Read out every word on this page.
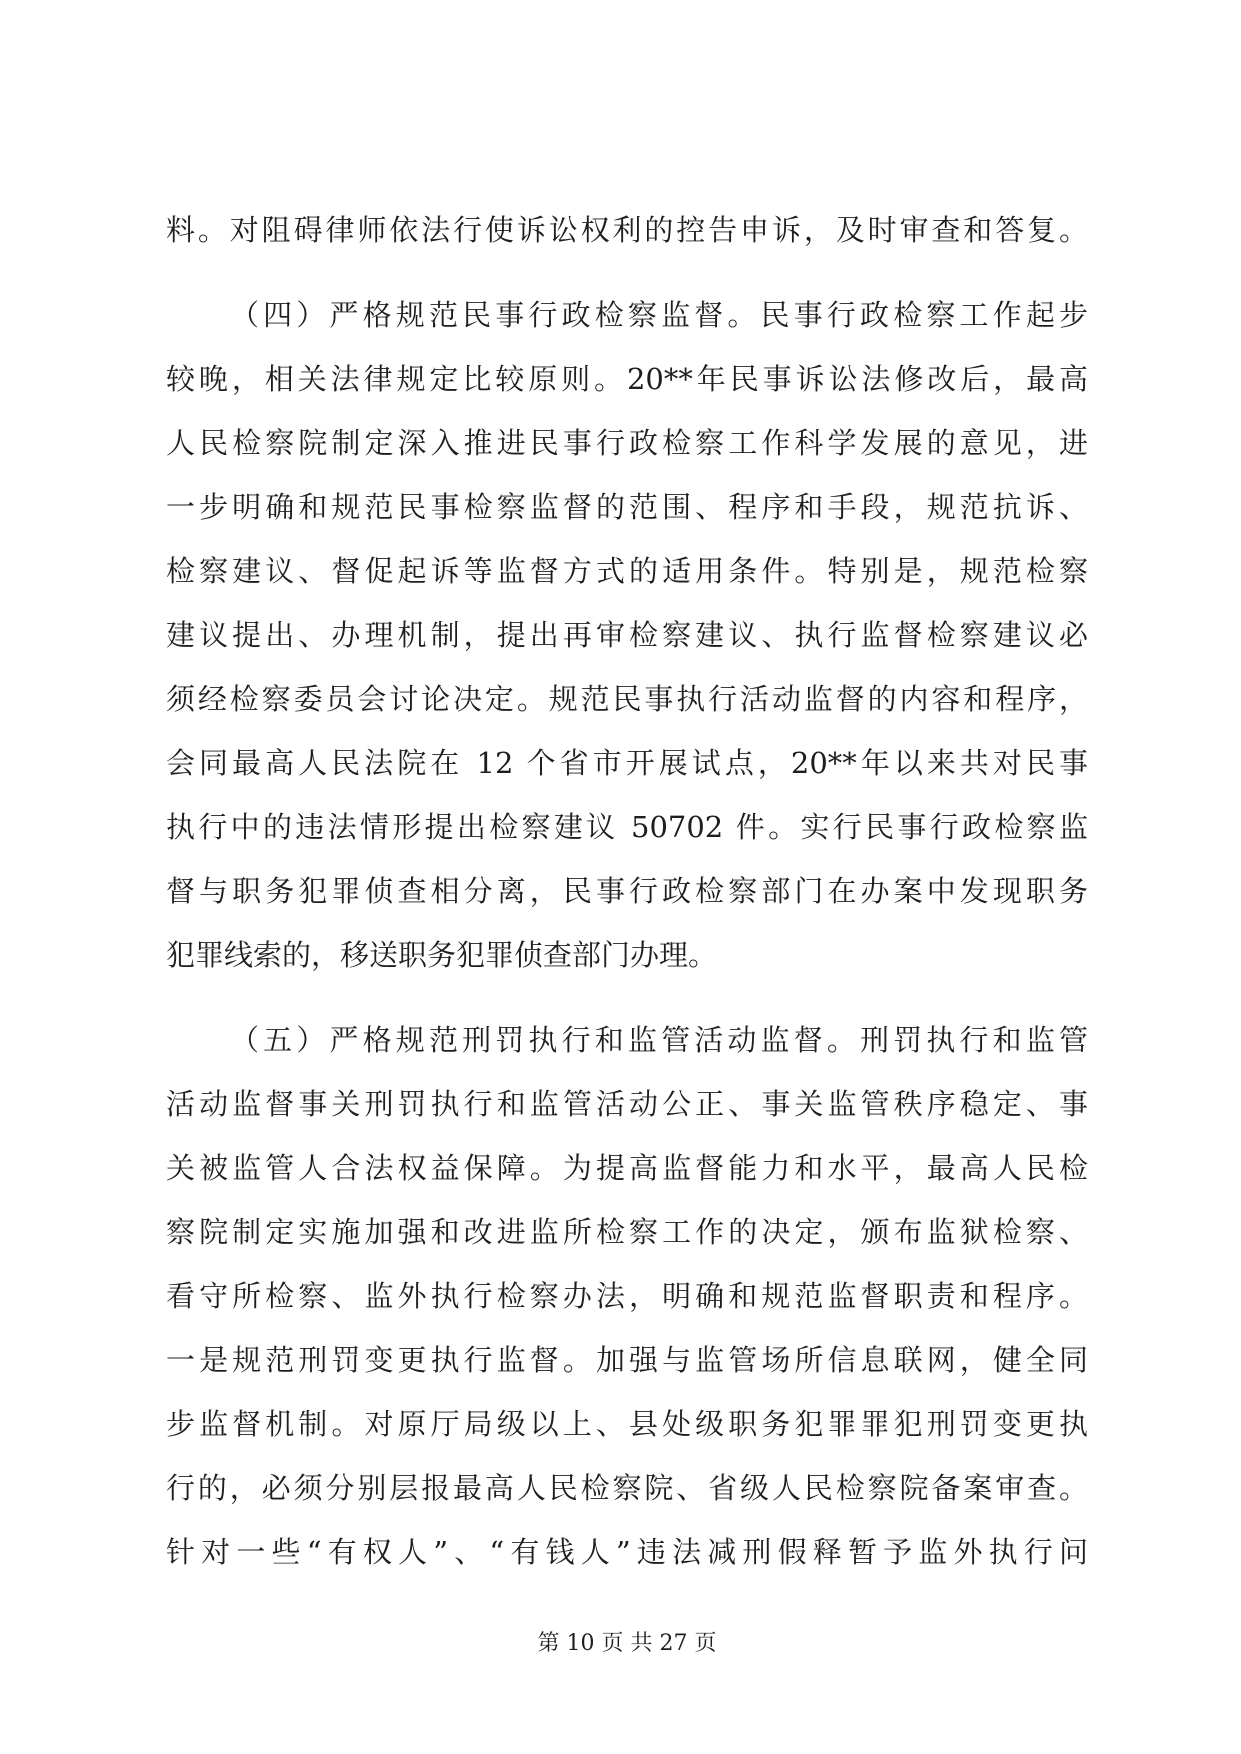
料。对阻碍律师依法行使诉讼权利的控告申诉，及时审查和答复。
（四）严格规范民事行政检察监督。民事行政检察工作起步
较晚，相关法律规定比较原则。20**年民事诉讼法修改后，最高
人民检察院制定深入推进民事行政检察工作科学发展的意见，进
一步明确和规范民事检察监督的范围、程序和手段，规范抗诉、
检察建议、督促起诉等监督方式的适用条件。特别是，规范检察
建议提出、办理机制，提出再审检察建议、执行监督检察建议必
须经检察委员会讨论决定。规范民事执行活动监督的内容和程序，
会同最高人民法院在 12 个省市开展试点，20**年以来共对民事
执行中的违法情形提出检察建议 50702 件。实行民事行政检察监
督与职务犯罪侦查相分离，民事行政检察部门在办案中发现职务
犯罪线索的，移送职务犯罪侦查部门办理。
（五）严格规范刑罚执行和监管活动监督。刑罚执行和监管
活动监督事关刑罚执行和监管活动公正、事关监管秩序稳定、事
关被监管人合法权益保障。为提高监督能力和水平，最高人民检
察院制定实施加强和改进监所检察工作的决定，颁布监狱检察、
看守所检察、监外执行检察办法，明确和规范监督职责和程序。
一是规范刑罚变更执行监督。加强与监管场所信息联网，健全同
步监督机制。对原厅局级以上、县处级职务犯罪罪犯刑罚变更执
行的，必须分别层报最高人民检察院、省级人民检察院备案审查。
针对一些“有权人”、“有钱人”违法减刑假释暂予监外执行问
第 10 页 共 27 页
